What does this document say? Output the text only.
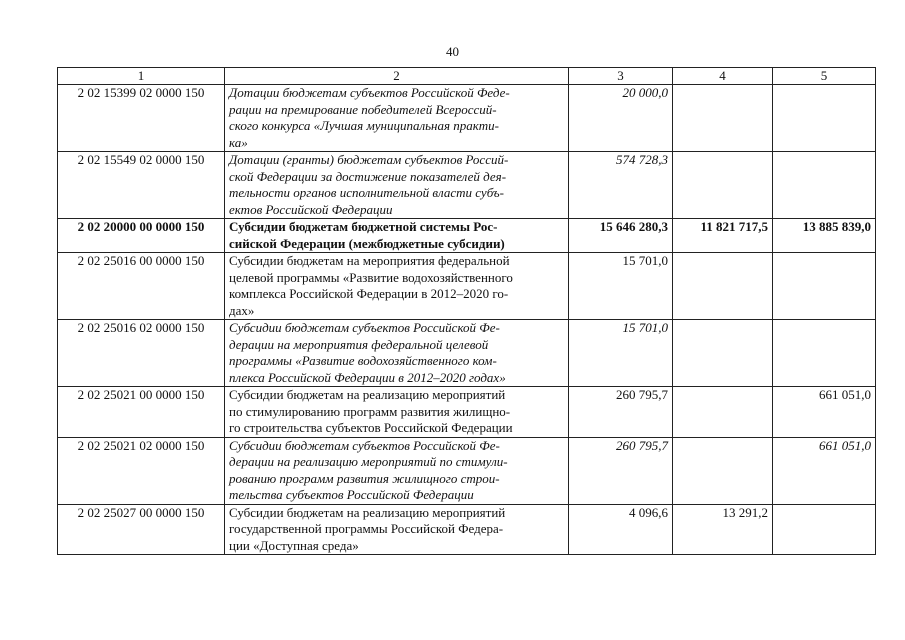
40
1	2	3	4	5
2 02 15399 02 0000 150	Дотации бюджетам субъектов Российской Феде-
рации на премирование победителей Всероссий-
ского конкурса «Лучшая муниципальная практи-
ка»	20 000,0		
2 02 15549 02 0000 150	Дотации (гранты) бюджетам субъектов Россий-
ской Федерации за достижение показателей дея-
тельности органов исполнительной власти субъ-
ектов Российской Федерации	574 728,3		
2 02 20000 00 0000 150	Субсидии бюджетам бюджетной системы Рос-
сийской Федерации (межбюджетные субсидии)	15 646 280,3	11 821 717,5	13 885 839,0
2 02 25016 00 0000 150	Субсидии бюджетам на мероприятия федеральной
целевой программы «Развитие водохозяйственного
комплекса Российской Федерации в 2012–2020 го-
дах»	15 701,0		
2 02 25016 02 0000 150	Субсидии бюджетам субъектов Российской Фе-
дерации на мероприятия федеральной целевой
программы «Развитие водохозяйственного ком-
плекса Российской Федерации в 2012–2020 годах»	15 701,0		
2 02 25021 00 0000 150	Субсидии бюджетам на реализацию мероприятий
по стимулированию программ развития жилищно-
го строительства субъектов Российской Федерации	260 795,7		661 051,0
2 02 25021 02 0000 150	Субсидии бюджетам субъектов Российской Фе-
дерации на реализацию мероприятий по стимули-
рованию программ развития жилищного строи-
тельства субъектов Российской Федерации	260 795,7		661 051,0
2 02 25027 00 0000 150	Субсидии бюджетам на реализацию мероприятий
государственной программы Российской Федера-
ции «Доступная среда»	4 096,6	13 291,2	
